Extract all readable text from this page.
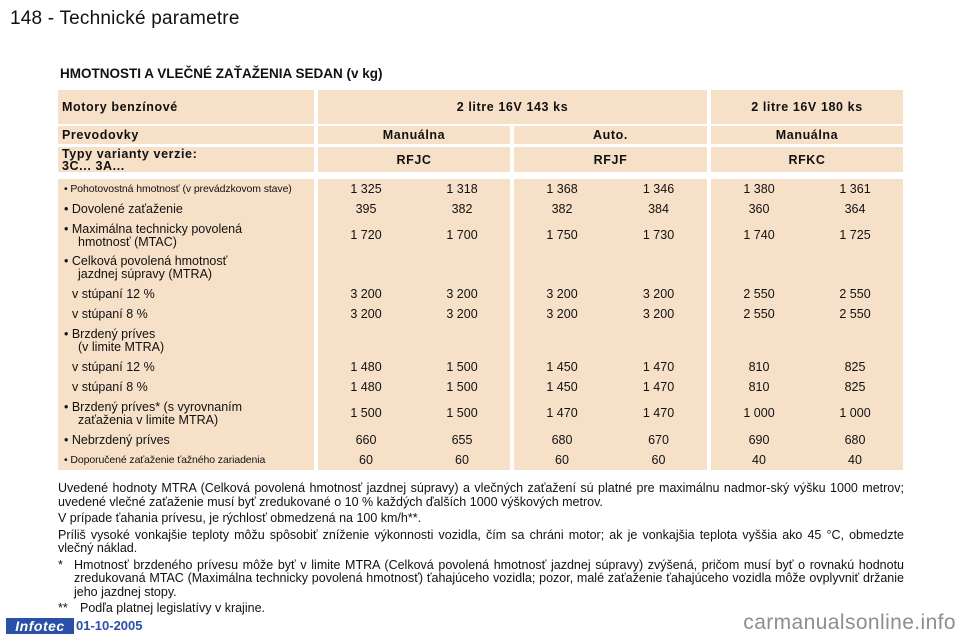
148 - Technické parametre
HMOTNOSTI A VLEČNÉ ZAŤAŽENIA SEDAN (v kg)
Motory benzínové		2 litre 16V 143 ks		2 litre 16V 180 ks
Prevodovky		Manuálna		Auto.		Manuálna

Typy varianty verzie:
3C... 3A...		RFJC		RFJF		RFKC
• Pohotovostná hmotnosť (v prevádzkovom stave)		1 325	1 318		1 368	1 346		1 380	1 361
• Dovolené zaťaženie		395	382		382	384		360	364

• Maximálna technicky povolená
hmotnosť (MTAC)		1 720	1 700		1 750	1 730		1 740	1 725

• Celková povolená hmotnosť
jazdnej súpravy (MTRA)									

v stúpaní 12 %		3 200	3 200		3 200	3 200		2 550	2 550
v stúpaní 8 %		3 200	3 200		3 200	3 200		2 550	2 550

• Brzdený príves
(v limite MTRA)									

v stúpaní 12 %		1 480	1 500		1 450	1 470		810	825
v stúpaní 8 %		1 480	1 500		1 450	1 470		810	825

• Brzdený príves* (s vyrovnaním
zaťaženia v limite MTRA)		1 500	1 500		1 470	1 470		1 000	1 000
• Nebrzdený príves		660	655		680	670		690	680
• Doporučené zaťaženie ťažného zariadenia		60	60		60	60		40	40

Uvedené hodnoty MTRA (Celková povolená hmotnosť jazdnej súpravy) a vlečných zaťažení sú platné pre maximálnu nadmor-ský výšku 1000 metrov; uvedené vlečné zaťaženie musí byť zredukované o 10 % každých ďalších 1000 výškových metrov.

V prípade ťahania prívesu, je rýchlosť obmedzená na 100 km/h**.

Príliš vysoké vonkajšie teploty môžu spôsobiť zníženie výkonnosti vozidla, čím sa chráni motor; ak je vonkajšia teplota vyššia ako 45 °C, obmedzte vlečný náklad.

* Hmotnosť brzdeného prívesu môže byť v limite MTRA (Celková povolená hmotnosť jazdnej súpravy) zvýšená, pričom musí byť o rovnakú hodnotu zredukovaná MTAC (Maximálna technicky povolená hmotnosť) ťahajúceho vozidla; pozor, malé zaťaženie ťahajúceho vozidla môže ovplyvniť držanie jeho jazdnej stopy.

** Podľa platnej legislatívy v krajine.

Infotec 01-10-2005	carmanualsonline.info
